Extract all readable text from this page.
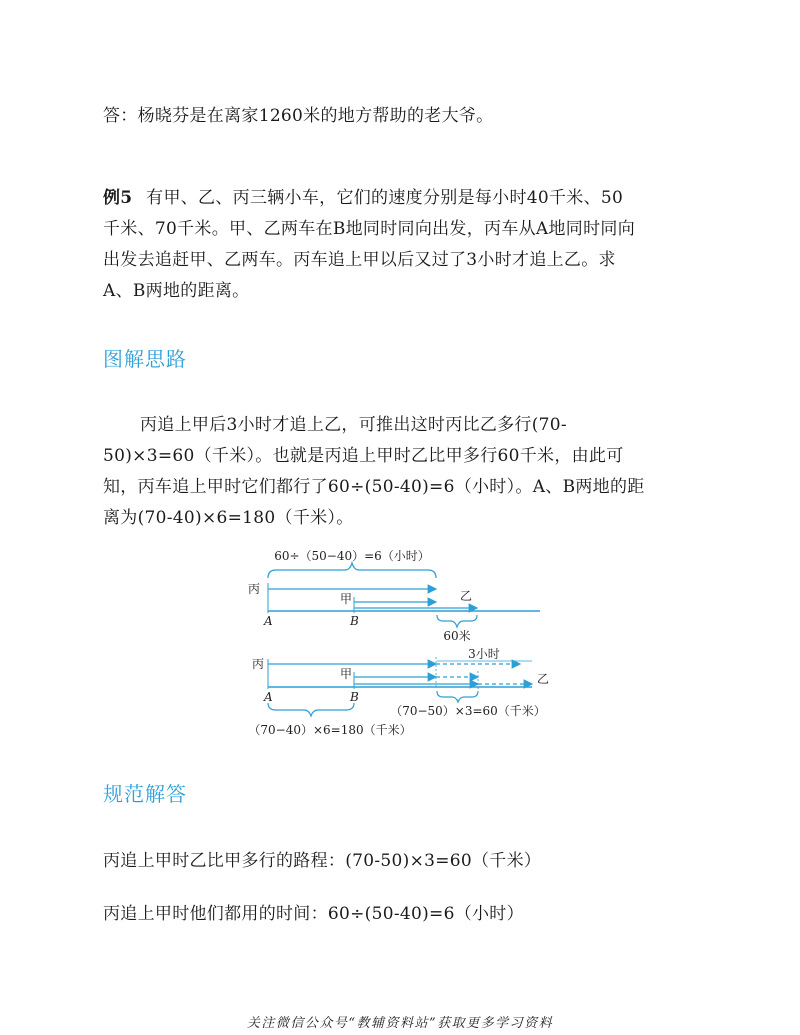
答：杨晓芬是在离家1260米的地方帮助的老大爷。
例5 有甲、乙、丙三辆小车，它们的速度分别是每小时40千米、50
千米、70千米。甲、乙两车在B地同时同向出发，丙车从A地同时同向
出发去追赶甲、乙两车。丙车追上甲以后又过了3小时才追上乙。求
A、B两地的距离。
图解思路
丙追上甲后3小时才追上乙，可推出这时丙比乙多行(70-
50)×3=60（千米）。也就是丙追上甲时乙比甲多行60千米，由此可
知，丙车追上甲时它们都行了60÷(50-40)=6（小时）。A、B两地的距
离为(70-40)×6=180（千米）。
60÷（50−40）=6（小时）
丙
甲	乙
A	B
60米
丙
3小时
甲	乙
A	B
（70−50）×3=60（千米）
（70−40）×6=180（千米）
规范解答
丙追上甲时乙比甲多行的路程：(70-50)×3=60（千米）
丙追上甲时他们都用的时间：60÷(50-40)=6（小时）
关注微信公众号“教辅资料站”获取更多学习资料
